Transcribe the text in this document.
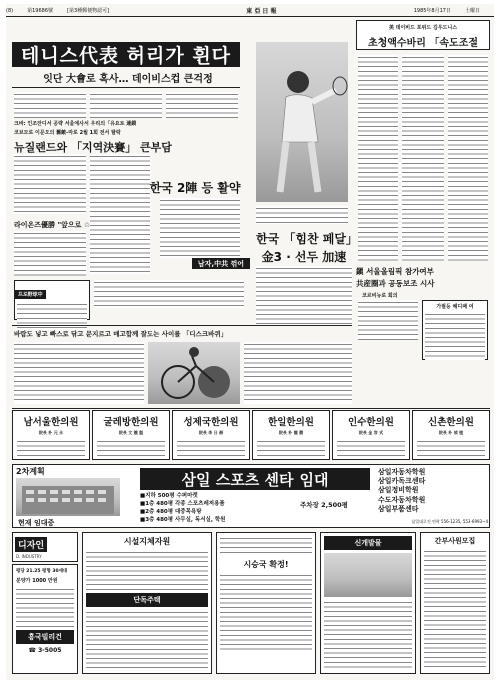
(8)	第19686號	[第3種郵便物認可]	東 亞 日 報	1985年8月17日	土曜日
테니스代表 허리가 휜다
잇단 大會로 혹사… 데이비스컵 큰걱정
크바: 인조잔디서 공략 서울에사서 우리의「유요토 連鎖
코브모로 이문오의 舊敵-마로 2월 1회 전서 탈락
뉴질랜드와 「지역決賽」 큰부담
한국 2陣 등 활약
남자,中共 꺾어
라이온즈優勝 "앞으로 ☆
프로野球中
한국 「힘찬 페달」
金3 · 선두 加速
美 데이비드 포위드 김우드니스
초청액수바리 「속도조절
鎭 서울올림픽 참가여부
共産圈과 공동보조 시사
코르비뉴로 회의
가필등 헤디패 여
바람도 넣고 빠스로 닦고 문지르고 매고합께 잘도는 사이를 「디스크바퀴」
남서울한의원
院長 朴 元 永
굴레방한의원
院長 文 龍 盤
성제국한의원
院長 李 日 赫
한일한의원
院長 朴 龍 馥
인수한의원
院長 金 容 式
신촌한의원
院長 朴 禎 植
2차계획
현재 임대중
삼일 스포츠 센타 임대
■지하 500평 수퍼마켓
■1층 480평 각종 스포츠레져용품
■2층 480평 대중목욕탕
■3층 480평 사무실, 독서실, 학원
주차장 2,500평
삼일자동차학원
삼일카독크센타
삼일정비학원
수도자동차학원
삼일부품센타
삼일대로건 연락 556-1235, 553-6993~4
디자인
D. INDUSTRY
평당 21.25 평형 30세대
분양가 1000 만원
흥국빌리건
☎ 3-5005
시설지체자원
단독주택
시승국 확정!
신개발물	간부사원모집
